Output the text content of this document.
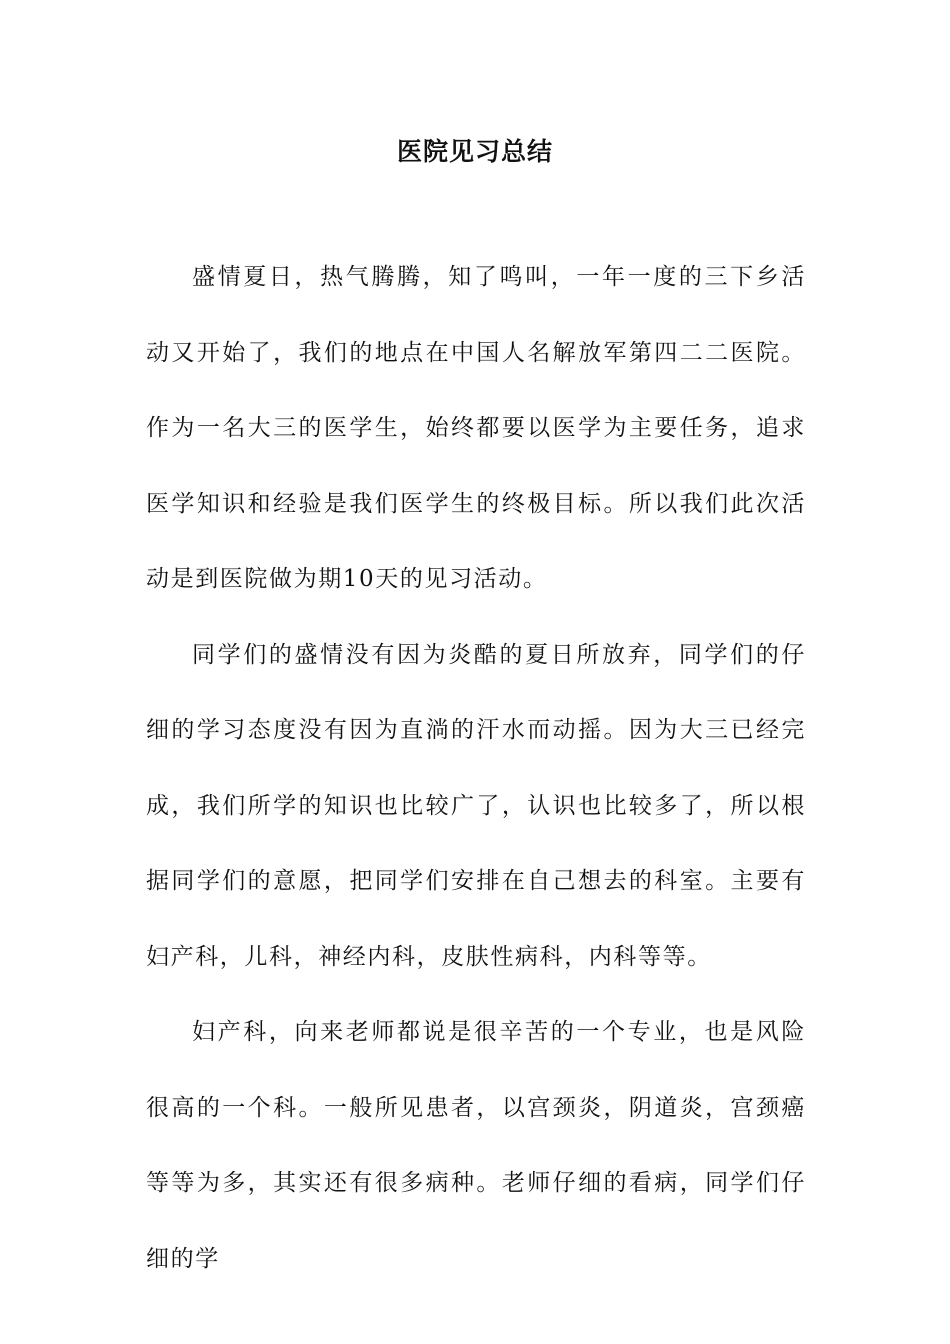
医院见习总结

盛情夏日，热气腾腾，知了鸣叫，一年一度的三下乡活动又开始了，我们的地点在中国人名解放军第四二二医院。作为一名大三的医学生，始终都要以医学为主要任务，追求医学知识和经验是我们医学生的终极目标。所以我们此次活动是到医院做为期10天的见习活动。

同学们的盛情没有因为炎酷的夏日所放弃，同学们的仔细的学习态度没有因为直淌的汗水而动摇。因为大三已经完成，我们所学的知识也比较广了，认识也比较多了，所以根据同学们的意愿，把同学们安排在自己想去的科室。主要有妇产科，儿科，神经内科，皮肤性病科，内科等等。

妇产科，向来老师都说是很辛苦的一个专业，也是风险很高的一个科。一般所见患者，以宫颈炎，阴道炎，宫颈癌等等为多，其实还有很多病种。老师仔细的看病，同学们仔细的学
